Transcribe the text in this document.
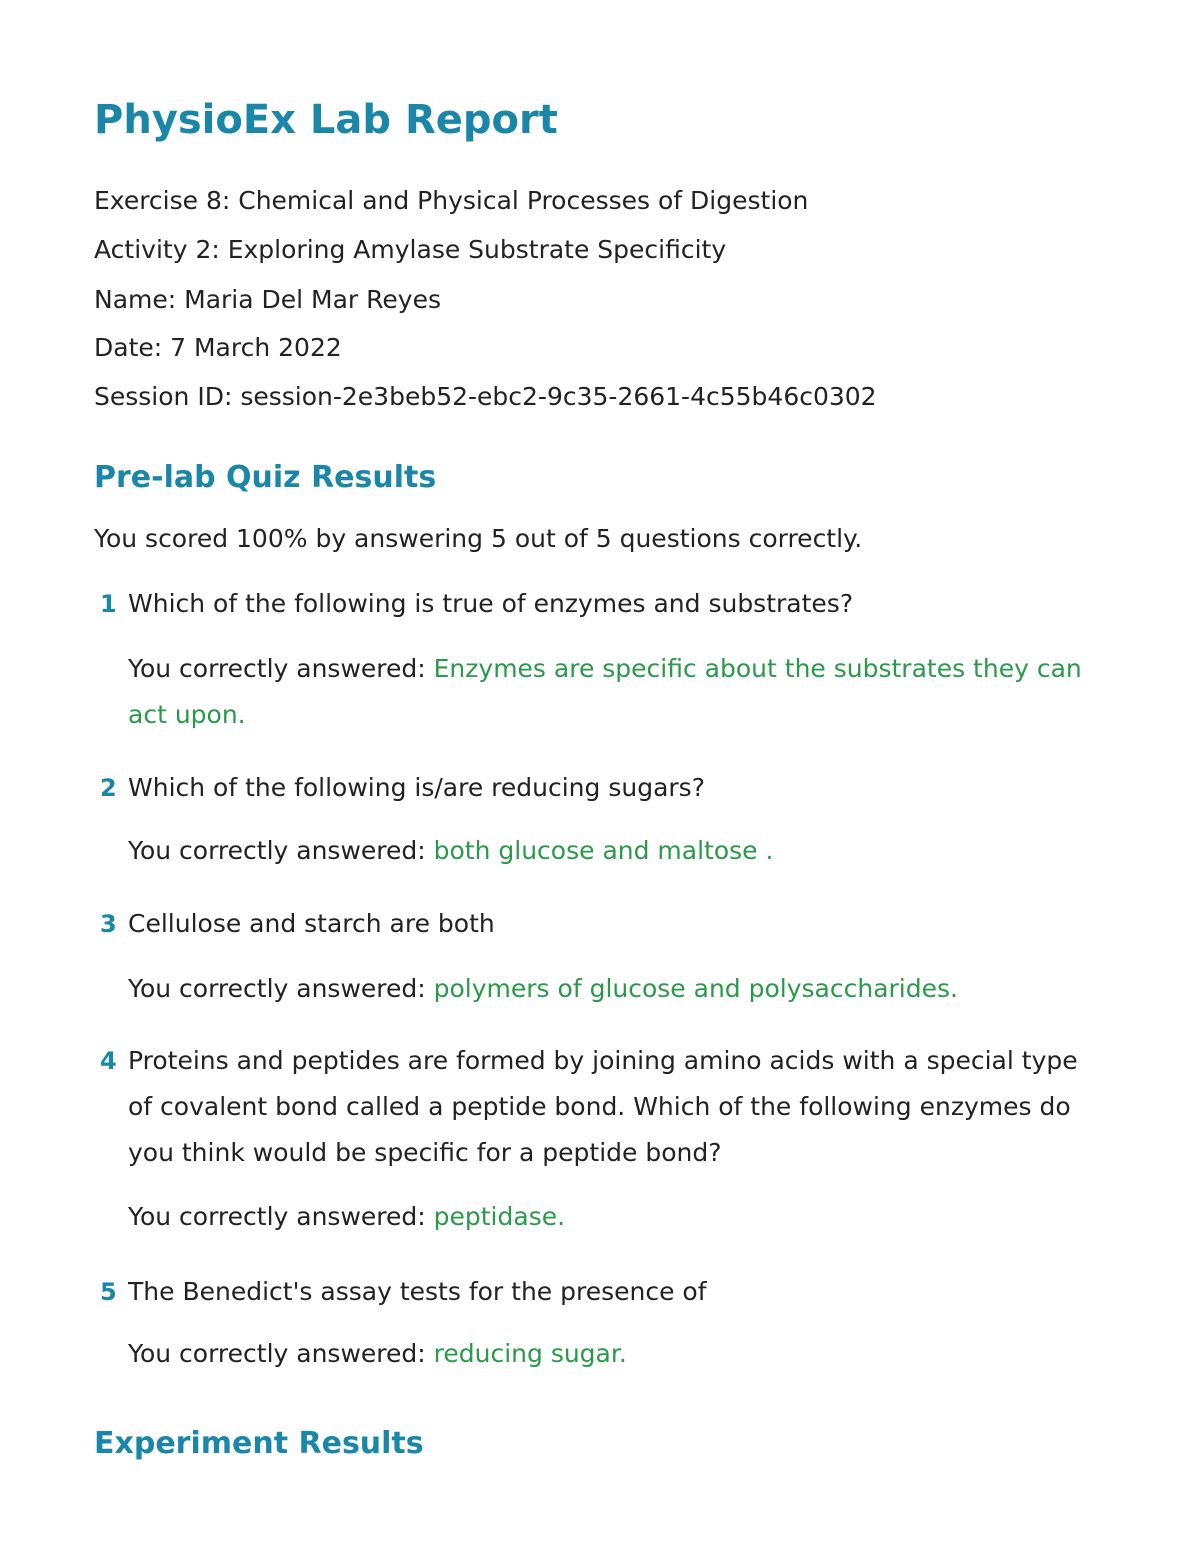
PhysioEx Lab Report
Exercise 8: Chemical and Physical Processes of Digestion
Activity 2: Exploring Amylase Substrate Specificity
Name: Maria Del Mar Reyes
Date: 7 March 2022
Session ID: session-2e3beb52-ebc2-9c35-2661-4c55b46c0302
Pre-lab Quiz Results
You scored 100% by answering 5 out of 5 questions correctly.
1 Which of the following is true of enzymes and substrates?
You correctly answered: Enzymes are specific about the substrates they can act upon.
2 Which of the following is/are reducing sugars?
You correctly answered: both glucose and maltose .
3 Cellulose and starch are both
You correctly answered: polymers of glucose and polysaccharides.
4 Proteins and peptides are formed by joining amino acids with a special type of covalent bond called a peptide bond. Which of the following enzymes do you think would be specific for a peptide bond?
You correctly answered: peptidase.
5 The Benedict's assay tests for the presence of
You correctly answered: reducing sugar.
Experiment Results
